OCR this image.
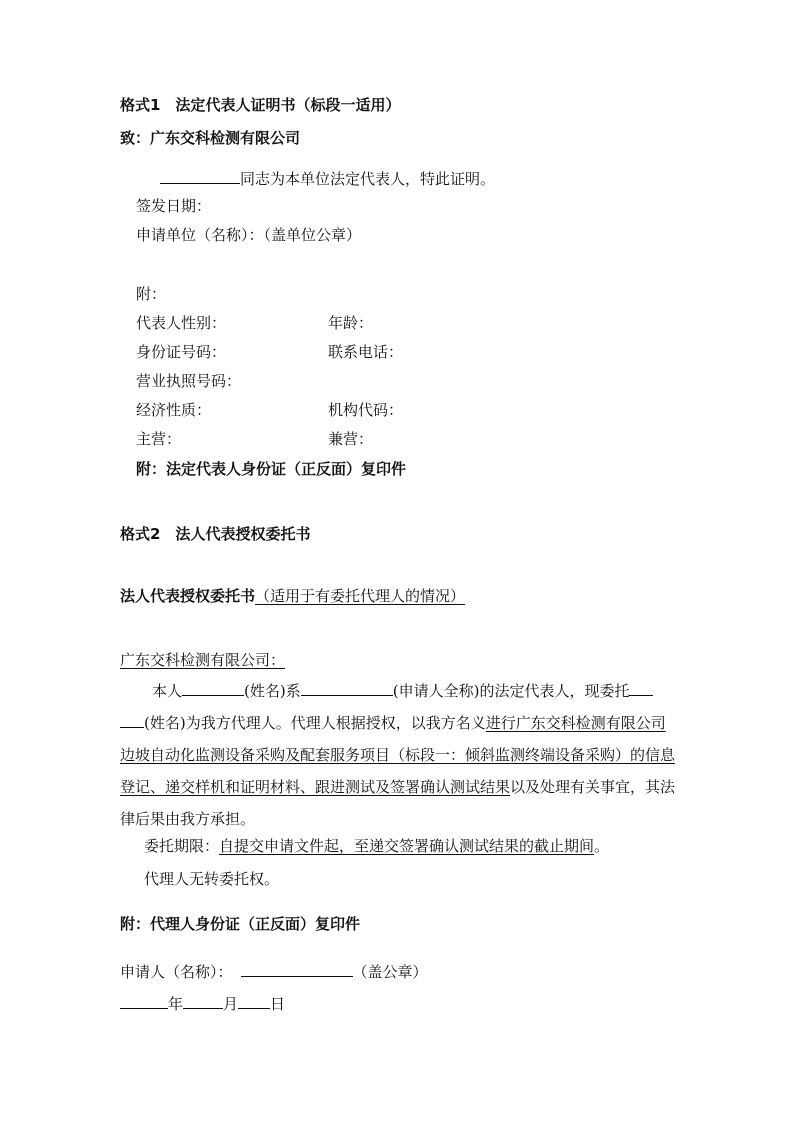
格式1　法定代表人证明书（标段一适用）
致：广东交科检测有限公司
同志为本单位法定代表人，特此证明。
签发日期：
申请单位（名称）：（盖单位公章）
附：
代表人性别：	年龄：
身份证号码：	联系电话：
营业执照号码：
经济性质：	机构代码：
主营：	兼营：
附：法定代表人身份证（正反面）复印件
格式2　法人代表授权委托书
法人代表授权委托书（适用于有委托代理人的情况）
广东交科检测有限公司：
本人	(姓名)系	(申请人全称)的法定代表人，现委托
(姓名)为我方代理人。代理人根据授权，以我方名义进行广东交科检测有限公司
边坡自动化监测设备采购及配套服务项目（标段一：倾斜监测终端设备采购）的信息
登记、递交样机和证明材料、跟进测试及签署确认测试结果以及处理有关事宜，其法
律后果由我方承担。
委托期限：自提交申请文件起，至递交签署确认测试结果的截止期间。
代理人无转委托权。
附：代理人身份证（正反面）复印件
申请人（名称）：	（盖公章）
年	月 日
